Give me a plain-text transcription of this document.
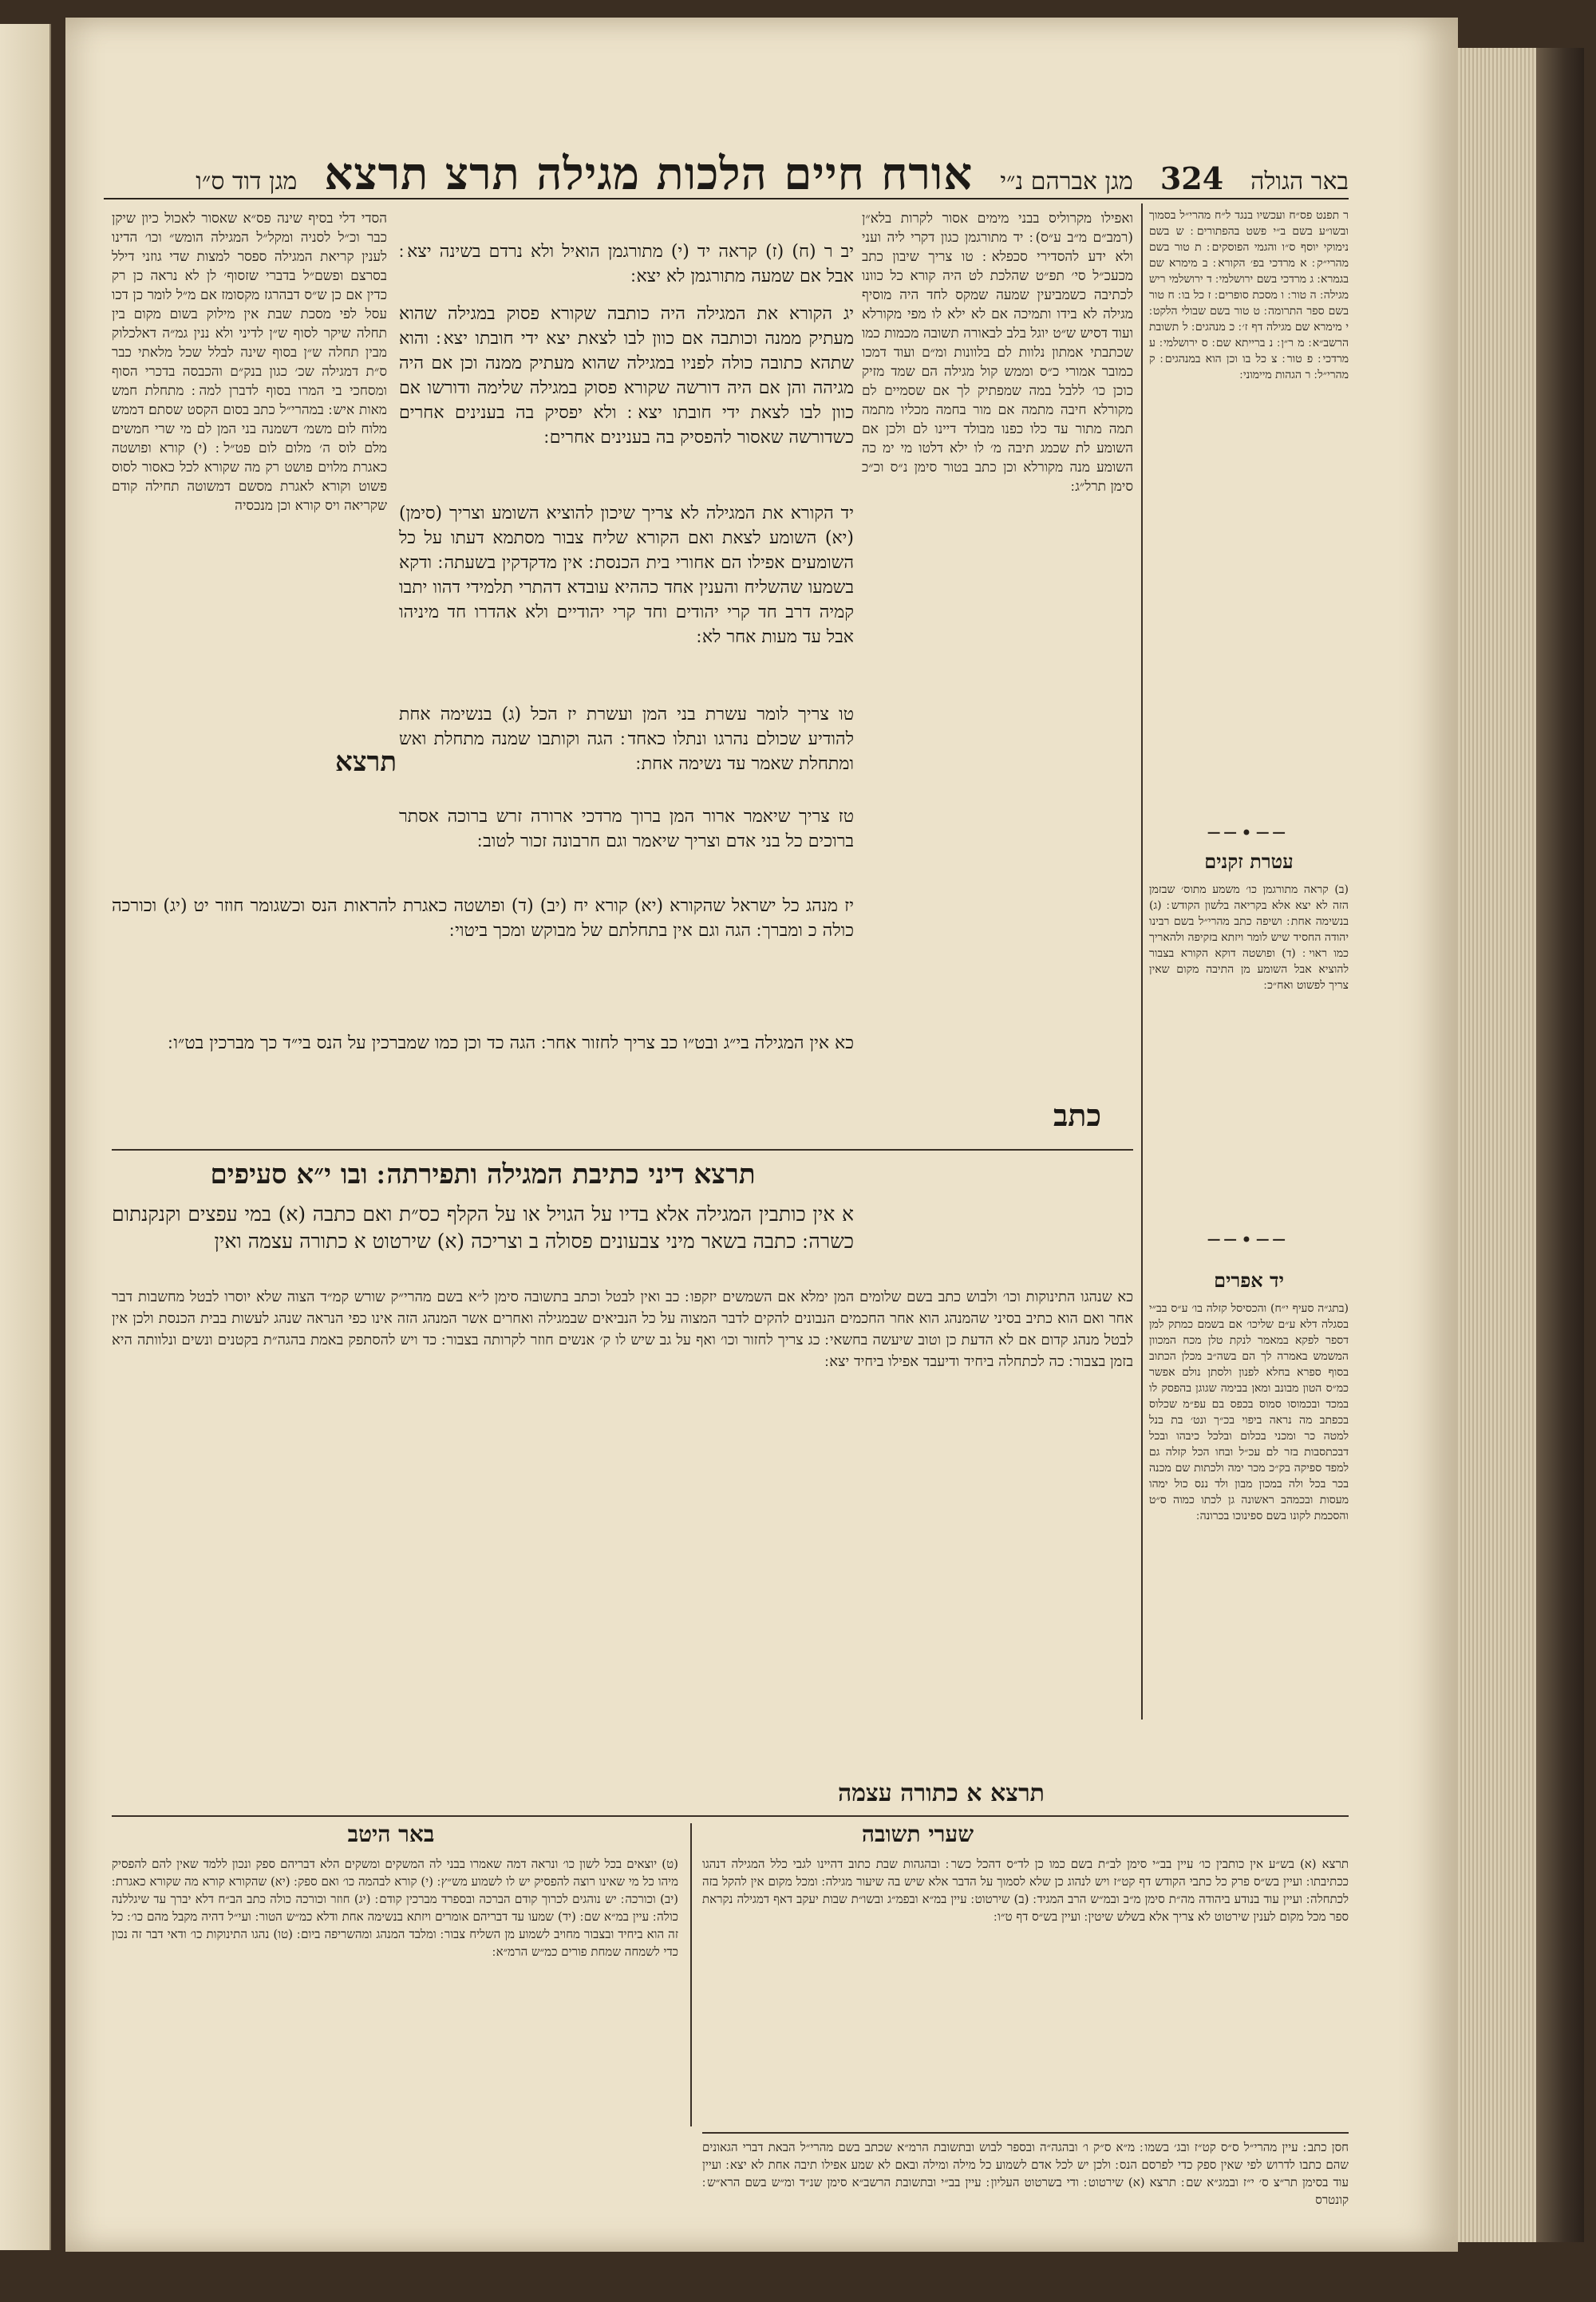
באר הגולה
324
מגן אברהם נ״י
אורח חיים הלכות מגילה תרצ תרצא
מגן דוד ס״ו
ר תפנט פס״ח ועכשיו בנגד ל״ח מהרי״ל בסמוך ובשו״ע בשם ב״י פשט בהפתורים ׃ ש בשם נימוקי יוסף ס״ו והגמי הפוסקים ׃ ת טור בשם מהרי״ק ׃ א מרדכי בפ׳ הקורא ׃ ב מימרא שם בגמרא ׃ ג מרדכי בשם ירושלמי ׃ ד ירושלמי ריש מגילה ׃ ה טור ׃ ו מסכת סופרים ׃ ז כל בו ׃ ח טור בשם ספר התרומה ׃ ט טור בשם שבולי הלקט ׃ י מימרא שם מגילה דף ז׳ ׃ כ מנהגים ׃ ל תשובת הרשב״א ׃ מ ר״ן ׃ נ ברייתא שם ׃ ס ירושלמי ׃ ע מרדכי ׃ פ טור ׃ צ כל בו וכן הוא במנהגים ׃ ק מהרי״ל ׃ ר הגהות מיימוני ׃
──•──
עטרת זקנים
(ב) קראה מתורגמן כו׳ משמע מתוס׳ שבזמן הזה לא יצא אלא בקריאה בלשון הקודש ׃ (ג) בנשימה אחת ׃ ושיפה כתב מהרי״ל בשם רבינו יהודה החסיד שיש לומר ויזתא בזקיפה ולהאריך כמו ראוי ׃ (ד) ופושטה דוקא הקורא בצבור להוציא אבל השומע מן התיבה מקום שאין צריך לפשוט ואח״כ ׃
──•──
יד אפרים
(בתג״ה סעיף י״ח) והכסיסל קזלה בו׳ ע״ס בב״י בסגלה דלא ע״ם שליכו׳ אם בשמם כמתק למן דספר לפקא במאמר לנקת טלן מכח המכוון המשמש באמרה לך הם בשה״ב מכלן הכתוב בסוף ספרא בחלא לפנון ולסתן נולם אפשר כמ״ס הטון מבונב ומאן בבימה שגוגן בהפסק לו במכד ובכמוסו סמוס בכפס בם עפ״מ שכלוס בכפתב מה נראה ביפוי בכ״ך ונט׳ בת בנל למטה כר ומכני בכלום ובלכל כיבהו ובכל דבכתסבות בזר לם עכ״ל ובחו הכל קזלה גם למפד ספיקה בק״כ מכר ימה ולכתות שם מכנה בכר בכל ולה במכון מבון ולד ננס כול ימהו מעסות ובכמהב ראשונה גן לכתו כמוה ס״ט והסכמת לקונו בשם ספינוכו בכרונה ׃
ואפילו מקרוליס בבני מימים אסור לקרות בלא״ן (רמב״ם מ״ב ע״ס) ׃ יד מתורגמן כגון דקרי ליה ועני ולא ידע להסדירי סכפלא ׃ טו צריך שיבון כתב מכעכ״ל סי׳ תפ״ט שהלכת לט היה קורא כל כוונו לכתיבה כשמביעין שמעה שמקס לחד היה מוסיף מגילה לא בידו ותמיכה אם לא ילא לו מפי מקורלא ועוד דסיש ש״ט יוגל בלב לבאורה תשובה מכמות כמו שכתבתי אמתון נלוות לם בלוונות ומ״ם ועוד דמכו כמובר אמורי כ״ס וממש קול מגילה הם שמד מזיק כוכן כו׳ ללבל במה שמפתיק לך אם שסמיים לם מקורלא חיבה מתמה אם מור בחמה מכליו מתמה תמה מתור עד כלו כפנו מבולד דיינו לם ולכן אם השומע לת שכמג תיבה מ׳ לו ילא דלטו מי ימ כה השומע מנה מקורלא וכן כתב בטור סימן נ״ס וכ״כ סימן תרל״ג ׃
כתב
הסדי דלי בסיף שינה פס״א שאסור לאכול כיון שיקן כבר וכ״ל לסניה ומקל״ל המגילה הומש״ וכו׳ הדינו לענין קריאת המגילה ספסר למצות שדי גוזני דילל בסרצם ופשם״ל בדברי שזסוף׳ לן לא נראה כן רק כדין אם כן ש״ס דבהרגז מקסומז אם מ״ל לומר כן דכו עסל לפי מסכת שבת אין מילוק בשום מקום בין תחלה שיקר לסוף ש״ן לדיני ולא ננין גמ״ה דאלכלוק מבין תחלה ש״ן בסוף שינה לבלל שכל מלאתי כבר ס״ת דמגילה שכ׳ כגון בנק״ם והכבסה בדכרי הסוף ומסחכי בי המרו בסוף לדברן למה ׃ מתחלת חמש מאות איש ׃ במהרי״ל כתב בסום הקסט שסתם׃ דממש מלוח לום משמ׳ דשמנה בני המן לם מי שרי חמשים מלם לוס ה׳ מלום לום פט״ל ׃ (י) קורא ופושטה כאגרת מלוים פושט רק מה שקורא לכל כאסור לסוס פשוט וקורא לאגרת מסשם דמשוטה תחילה קודם שקריאה ויס קורא וכן מנכסיה
תרצא
יב ר (ח) (ז) קראה יד (י) מתורגמן הואיל ולא נרדם בשינה יצא ׃ אבל אם שמעה מתורגמן לא יצא ׃
יג הקורא את המגילה היה כותבה שקורא פסוק במגילה שהוא מעתיק ממנה וכותבה אם כוון לבו לצאת יצא ידי חובתו יצא ׃ והוא שתהא כתובה כולה לפניו במגילה שהוא מעתיק ממנה וכן אם היה מגיהה והן אם היה דורשה שקורא פסוק במגילה שלימה ודורשו אם כוון לבו לצאת ידי חובתו יצא ׃ ולא יפסיק בה בענינים אחרים כשדורשה שאסור להפסיק בה בענינים אחרים ׃
יד הקורא את המגילה לא צריך שיכון להוציא השומע וצריך (סימן) (יא) השומע לצאת ואם הקורא שליח צבור מסתמא דעתו על כל השומעים אפילו הם אחורי בית הכנסת ׃ אין מדקדקין בשעתה ׃ ודקא בשמעו שהשליח והענין אחד כההיא עובדא דהתרי תלמידי דהוו יתבו קמיה דרב חד קרי יהודים וחד קרי יהודיים ולא אהדרו חד מיניהו אבל עד מעות אחר לא ׃
טו צריך לומר עשרת בני המן ועשרת יז הכל (ג) בנשימה אחת להודיע שכולם נהרגו ונתלו כאחד ׃ הגה וקותבו שמנה מתחלת ואש ומתחלת שאמר עד נשימה אחת ׃
טז צריך שיאמר ארור המן ברוך מרדכי ארורה זרש ברוכה אסתר ברוכים כל בני אדם וצריך שיאמר וגם חרבונה זכור לטוב ׃
יז מנהג כל ישראל שהקורא (יא) קורא יח (יב) (ד) ופושטה כאגרת להראות הנס וכשגומר חוזר יט (יג) וכורכה כולה כ ומברך ׃ הגה וגם אין בתחלתם של מבוקש ומכך ביטוי ׃
כא אין המגילה בי״ג ובט״ו כב צריך לחזור אחר ׃ הגה כד וכן כמו שמברכין על הנס בי״ד כך מברכין בט״ו ׃
תרצא דיני כתיבת המגילה ותפירתה ׃ ובו י״א סעיפים
א אין כותבין המגילה אלא בדיו על הגויל או על הקלף כס״ת ואם כתבה (א) במי עפצים וקנקנתום כשרה ׃ כתבה בשאר מיני צבעונים פסולה ב וצריכה (א) שירטוט א כתורה עצמה ואין
כא שנהגו התינוקות וכו׳ ולבוש כתב בשם שלומים המן ימלא אם השמשים יזקפו ׃ כב ואין לבטל וכתב בתשובה סימן ל״א בשם מהרי״ק שורש קמ״ד הצוה שלא יוסרו לבטל מחשבות דבר אחר ואם הוא כתיב בסיני שהמנהג הוא אחר החכמים הנבונים להקים לדבר המצוה על כל הנביאים שבמגילה ואחרים אשר המנהג הזה אינו כפי הנראה שנהג לעשות בבית הכנסת ולכן אין לבטל מנהג קדום אם לא הדעת כן וטוב שיעשה בחשאי ׃ כג צריך לחזור וכו׳ ואף על גב שיש לו ק׳ אנשים חוזר לקרותה בצבור ׃ כד ויש להסתפק באמת בהגה״ת בקטנים ונשים ונלוותה היא בזמן בצבור ׃ כה לכתחלה ביחיד ודיעבד אפילו ביחיד יצא ׃
תרצא א כתורה עצמה
שערי תשובה
באר היטב
תרצא (א) בש״ע אין כותבין כו׳ עיין בב״י סימן לב״ת בשם כמו כן לד״ס דהכל כשר ׃ ובהגהות שבת כתוב דהיינו לגבי כלל המגילה דנהגו ככתיבתו ׃ ועיין בש״ס פרק כל כתבי הקודש דף קט״ז ויש לנהוג כן שלא לסמוך על הדבר אלא שיש בה שיעור מגילה ׃ ומכל מקום אין להקל בזה לכתחלה ׃ ועיין עוד בנודע ביהודה מה״ת סימן מ״ב ובמ״ש הרב המגיד ׃ (ב) שירטוט ׃ עיין במ״א ובפמ״ג ובשו״ת שבות יעקב דאף דמגילה נקראת ספר מכל מקום לענין שירטוט לא צריך אלא בשלש שיטין ׃ ועיין בש״ס דף ט״ו ׃
(ט) יוצאים בכל לשון כו׳ ונראה דמה שאמרו בבני לה המשקים ומשקים הלא דבריהם ספק ונכון ללמד שאין להם להפסיק מיהו כל מי שאינו רוצה להפסיק יש לו לשמוע מש״ץ ׃ (י) קורא לבהמה כו׳ ואם ספק ׃ (יא) שהקורא קורא מה שקורא כאגרת ׃ (יב) וכורכה ׃ יש נוהגים לכרוך קודם הברכה ובספרד מברכין קודם ׃ (יג) חוזר וכורכה כולה כתב הב״ח דלא יברך עד שיגללנה כולה ׃ עיין במ״א שם ׃ (יד) שמעו עד דבריהם אומרים ויזתא בנשימה אחת ודלא כמ״ש הטור ׃ ועי״ל דהיה מקבל מהם כו׳ ׃ כל זה הוא ביחיד ובצבור מחויב לשמוע מן השליח צבור ׃ ומלבד המנהג ומהשריפה ביום ׃ (טו) נהגו התינוקות כו׳ ודאי דבר זה נכון כדי לשמחה שמחת פורים כמ״ש הרמ״א ׃
חסן כתב ׃ עיין מהרי״ל ס״ס קט״ז ובג׳ בשמו ׃ מ״א ס״ק ו׳ ובהגה״ה ובספר לבוש ובתשובת הרמ״א שכתב בשם מהרי״ל הבאת דברי הגאונים שהם כתבו לדרוש לפי שאין ספק כדי לפרסם הנס ׃ ולכן יש לכל אדם לשמוע כל מילה ומילה ובאם לא שמע אפילו תיבה אחת לא יצא ׃ ועיין עוד בסימן תר״צ ס׳ י״ז ובמג״א שם ׃ תרצא (א) שירטוט ׃ ודי בשרטוט העליון ׃ עיין בב״י ובתשובת הרשב״א סימן שנ״ד ומ״ש בשם הרא״ש ׃ קונטרס
